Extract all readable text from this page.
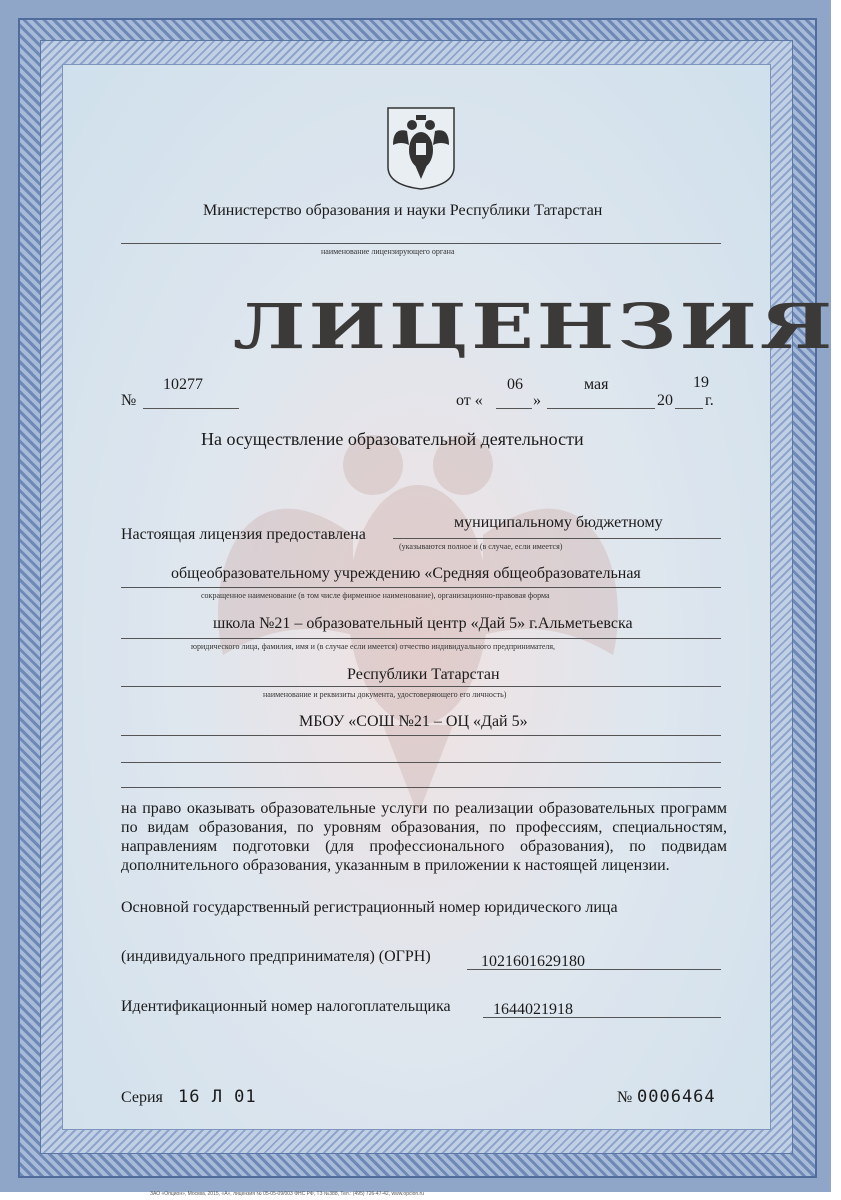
Министерство образования и науки Республики Татарстан
наименование лицензирующего органа
ЛИЦЕНЗИЯ
№
10277
от «
06
»
мая
20
19
г.
На осуществление образовательной деятельности
Настоящая лицензия предоставлена
муниципальному бюджетному
(указываются полное и (в случае, если имеется)
общеобразовательному учреждению «Средняя общеобразовательная
сокращенное наименование (в том числе фирменное наименование), организационно-правовая форма
школа №21 – образовательный центр «Дай 5» г.Альметьевска
юридического лица, фамилия, имя и (в случае если имеется) отчество индивидуального предпринимателя,
Республики Татарстан
наименование и реквизиты документа, удостоверяющего его личность)
МБОУ «СОШ №21 – ОЦ «Дай 5»
на право оказывать образовательные услуги по реализации образовательных программ по видам образования, по уровням образования, по профессиям, специальностям, направлениям подготовки (для профессионального образования), по подвидам дополнительного образования, указанным в приложении к настоящей лицензии.
Основной государственный регистрационный номер юридического лица
(индивидуального предпринимателя) (ОГРН)	1021601629180
Идентификационный номер налогоплательщика	1644021918
Серия 16 Л 01	№ 0006464
ЗАО «Опцион», Москва, 2015, «А», лицензия № 05-05-09/003 ФНС РФ, ТЗ №388, Тел.: (495) 726-47-42, www.opcion.ru
